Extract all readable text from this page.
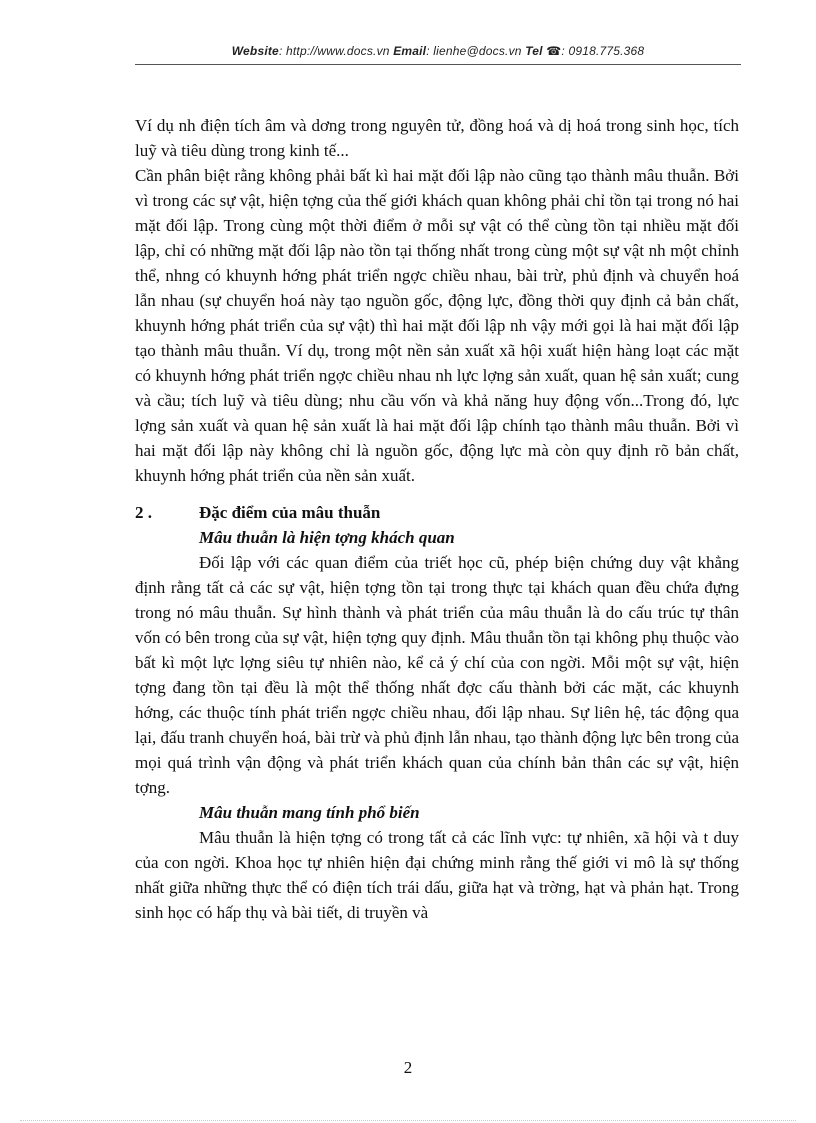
Website: http://www.docs.vn Email: lienhe@docs.vn Tel ☎: 0918.775.368

Ví dụ nh điện tích âm và dơng trong nguyên tử, đồng hoá và dị hoá trong sinh học, tích luỹ và tiêu dùng trong kinh tế...

Cần phân biệt rằng không phải bất kì hai mặt đối lập nào cũng tạo thành mâu thuẫn. Bởi vì trong các sự vật, hiện tợng của thế giới khách quan không phải chỉ tồn tại trong nó hai mặt đối lập. Trong cùng một thời điểm ở mỗi sự vật có thể cùng tồn tại nhiều mặt đối lập, chỉ có những mặt đối lập nào tồn tại thống nhất trong cùng một sự vật nh một chỉnh thể, nhng có khuynh hớng phát triển ngợc chiều nhau, bài trừ, phủ định và chuyển hoá lẫn nhau (sự chuyển hoá này tạo nguồn gốc, động lực, đồng thời quy định cả bản chất, khuynh hớng phát triển của sự vật) thì hai mặt đối lập nh vậy mới gọi là hai mặt đối lập tạo thành mâu thuẫn. Ví dụ, trong một nền sản xuất xã hội xuất hiện hàng loạt các mặt có khuynh hớng phát triển ngợc chiều nhau nh lực lợng sản xuất, quan hệ sản xuất; cung và cầu; tích luỹ và tiêu dùng; nhu cầu vốn và khả năng huy động vốn...Trong đó, lực lợng sản xuất và quan hệ sản xuất là hai mặt đối lập chính tạo thành mâu thuẫn. Bởi vì hai mặt đối lập này không chỉ là nguồn gốc, động lực mà còn quy định rõ bản chất, khuynh hớng phát triển của nền sản xuất.

2 .	Đặc điểm của mâu thuẫn

Mâu thuẫn là hiện tợng khách quan

Đối lập với các quan điểm của triết học cũ, phép biện chứng duy vật khẳng định rằng tất cả các sự vật, hiện tợng tồn tại trong thực tại khách quan đều chứa đựng trong nó mâu thuẫn. Sự hình thành và phát triển của mâu thuẫn là do cấu trúc tự thân vốn có bên trong của sự vật, hiện tợng quy định. Mâu thuẫn tồn tại không phụ thuộc vào bất kì một lực lợng siêu tự nhiên nào, kể cả ý chí của con ngời. Mỗi một sự vật, hiện tợng đang tồn tại đều là một thể thống nhất đợc cấu thành bởi các mặt, các khuynh hớng, các thuộc tính phát triển ngợc chiều nhau, đối lập nhau. Sự liên hệ, tác động qua lại, đấu tranh chuyển hoá, bài trừ và phủ định lẫn nhau, tạo thành động lực bên trong của mọi quá trình vận động và phát triển khách quan của chính bản thân các sự vật, hiện tợng.

Mâu thuẫn mang tính phổ biến

Mâu thuẫn là hiện tợng có trong tất cả các lĩnh vực: tự nhiên, xã hội và t duy của con ngời. Khoa học tự nhiên hiện đại chứng minh rằng thế giới vi mô là sự thống nhất giữa những thực thể có điện tích trái dấu, giữa hạt và trờng, hạt và phản hạt. Trong sinh học có hấp thụ và bài tiết, di truyền và

2
